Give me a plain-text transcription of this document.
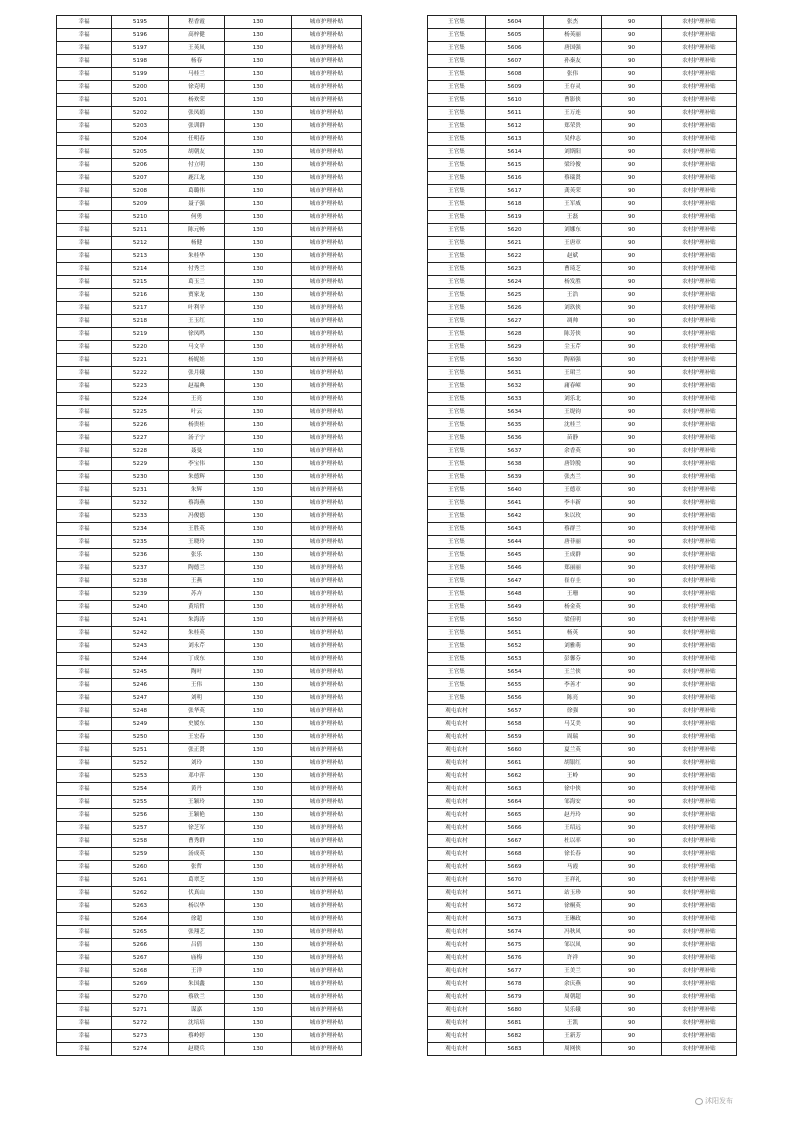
幸福	5195	程香霞	130	城市护理补贴
幸福	5196	高梓健	130	城市护理补贴
幸福	5197	王英凤	130	城市护理补贴
幸福	5198	杨春	130	城市护理补贴
幸福	5199	马桂兰	130	城市护理补贴
幸福	5200	徐克明	130	城市护理补贴
幸福	5201	杨欢荣	130	城市护理补贴
幸福	5202	张凤娟	130	城市护理补贴
幸福	5203	张训群	130	城市护理补贴
幸福	5204	任明春	130	城市护理补贴
幸福	5205	胡朝友	130	城市护理补贴
幸福	5206	付立明	130	城市护理补贴
幸福	5207	鹿江龙	130	城市护理补贴
幸福	5208	葛璐伟	130	城市护理补贴
幸福	5209	聂子强	130	城市护理补贴
幸福	5210	何勇	130	城市护理补贴
幸福	5211	陈元畅	130	城市护理补贴
幸福	5212	杨健	130	城市护理补贴
幸福	5213	朱桂华	130	城市护理补贴
幸福	5214	付秀兰	130	城市护理补贴
幸福	5215	葛玉兰	130	城市护理补贴
幸福	5216	贾家龙	130	城市护理补贴
幸福	5217	叶利平	130	城市护理补贴
幸福	5218	王玉红	130	城市护理补贴
幸福	5219	徐凤鸣	130	城市护理补贴
幸福	5220	马文平	130	城市护理补贴
幸福	5221	杨妮娃	130	城市护理补贴
幸福	5222	张月娥	130	城市护理补贴
幸福	5223	赵福典	130	城市护理补贴
幸福	5224	王亮	130	城市护理补贴
幸福	5225	叶云	130	城市护理补贴
幸福	5226	杨贵桂	130	城市护理补贴
幸福	5227	汤子宁	130	城市护理补贴
幸福	5228	聂曼	130	城市护理补贴
幸福	5229	李宝伟	130	城市护理补贴
幸福	5230	朱德辉	130	城市护理补贴
幸福	5231	朱辉	130	城市护理补贴
幸福	5232	蔡海燕	130	城市护理补贴
幸福	5233	冯俊德	130	城市护理补贴
幸福	5234	王胜英	130	城市护理补贴
幸福	5235	王晓玲	130	城市护理补贴
幸福	5236	张乐	130	城市护理补贴
幸福	5237	陶德兰	130	城市护理补贴
幸福	5238	王燕	130	城市护理补贴
幸福	5239	苏卉	130	城市护理补贴
幸福	5240	黄培哲	130	城市护理补贴
幸福	5241	朱海涛	130	城市护理补贴
幸福	5242	朱桂英	130	城市护理补贴
幸福	5243	刘永芹	130	城市护理补贴
幸福	5244	丁成东	130	城市护理补贴
幸福	5245	陶叶	130	城市护理补贴
幸福	5246	王伟	130	城市护理补贴
幸福	5247	刘明	130	城市护理补贴
幸福	5248	张华英	130	城市护理补贴
幸福	5249	史媛东	130	城市护理补贴
幸福	5250	王宏春	130	城市护理补贴
幸福	5251	张正贤	130	城市护理补贴
幸福	5252	刘玲	130	城市护理补贴
幸福	5253	邓中萍	130	城市护理补贴
幸福	5254	黄丹	130	城市护理补贴
幸福	5255	王颖玲	130	城市护理补贴
幸福	5256	王颖艳	130	城市护理补贴
幸福	5257	徐芝军	130	城市护理补贴
幸福	5258	曹秀群	130	城市护理补贴
幸福	5259	汤成英	130	城市护理补贴
幸福	5260	张哲	130	城市护理补贴
幸福	5261	葛翠芝	130	城市护理补贴
幸福	5262	伏真山	130	城市护理补贴
幸福	5263	杨以华	130	城市护理补贴
幸福	5264	徐超	130	城市护理补贴
幸福	5265	张翔艺	130	城市护理补贴
幸福	5266	吕倩	130	城市护理补贴
幸福	5267	庙梅	130	城市护理补贴
幸福	5268	王洋	130	城市护理补贴
幸福	5269	朱国鑫	130	城市护理补贴
幸福	5270	蔡欣兰	130	城市护理补贴
幸福	5271	谋嘉	130	城市护理补贴
幸福	5272	沈培培	130	城市护理补贴
幸福	5273	蔡岭婷	130	城市护理补贴
幸福	5274	赵晓兵	130	城市护理补贴
王官集	5604	张杰	90	农村护理补贴
王官集	5605	杨英丽	90	农村护理补贴
王官集	5606	唐国强	90	农村护理补贴
王官集	5607	孙秦友	90	农村护理补贴
王官集	5608	张伟	90	农村护理补贴
王官集	5609	王存灵	90	农村护理补贴
王官集	5610	曹影侠	90	农村护理补贴
王官集	5611	王万连	90	农村护理补贴
王官集	5612	郑荣贵	90	农村护理补贴
王官集	5613	吴仲志	90	农村护理补贴
王官集	5614	刘斯阳	90	农村护理补贴
王官集	5615	梁玲俊	90	农村护理补贴
王官集	5616	蔡瑞贤	90	农村护理补贴
王官集	5617	龚英荣	90	农村护理补贴
王官集	5618	王军威	90	农村护理补贴
王官集	5619	王磊	90	农村护理补贴
王官集	5620	刘娜东	90	农村护理补贴
王官集	5621	王唐章	90	农村护理补贴
王官集	5622	赵斌	90	农村护理补贴
王官集	5623	曹琦芝	90	农村护理补贴
王官集	5624	杨发胜	90	农村护理补贴
王官集	5625	王浩	90	农村护理补贴
王官集	5626	刘玖侠	90	农村护理补贴
王官集	5627	凋帅	90	农村护理补贴
王官集	5628	陈芳侠	90	农村护理补贴
王官集	5629	尘玉芹	90	农村护理补贴
王官集	5630	陶裕强	90	农村护理补贴
王官集	5631	王珺兰	90	农村护理补贴
王官集	5632	庸春嶂	90	农村护理补贴
王官集	5633	刘乐北	90	农村护理补贴
王官集	5634	王缇钧	90	农村护理补贴
王官集	5635	沈桂兰	90	农村护理补贴
王官集	5636	苗静	90	农村护理补贴
王官集	5637	余香英	90	农村护理补贴
王官集	5638	唐铃脱	90	农村护理补贴
王官集	5639	张杰兰	90	农村护理补贴
王官集	5640	王德章	90	农村护理补贴
王官集	5641	李丰新	90	农村护理补贴
王官集	5642	朱以玫	90	农村护理补贴
王官集	5643	蔡群兰	90	农村护理补贴
王官集	5644	唐菲丽	90	农村护理补贴
王官集	5645	王成群	90	农村护理补贴
王官集	5646	郑丽丽	90	农村护理补贴
王官集	5647	崔存圭	90	农村护理补贴
王官集	5648	王珊	90	农村护理补贴
王官集	5649	杨金英	90	农村护理补贴
王官集	5650	梁佳明	90	农村护理补贴
王官集	5651	杨英	90	农村护理补贴
王官集	5652	刘雅萌	90	农村护理补贴
王官集	5653	彭馨芬	90	农村护理补贴
王官集	5654	王兰侠	90	农村护理补贴
王官集	5655	李善才	90	农村护理补贴
王官集	5656	陈亮	90	农村护理补贴
观屯农村	5657	徐强	90	农村护理补贴
观屯农村	5658	马艾美	90	农村护理补贴
观屯农村	5659	周瑞	90	农村护理补贴
观屯农村	5660	夏兰英	90	农村护理补贴
观屯农村	5661	胡银红	90	农村护理补贴
观屯农村	5662	王岭	90	农村护理补贴
观屯农村	5663	徐中侠	90	农村护理补贴
观屯农村	5664	邹海安	90	农村护理补贴
观屯农村	5665	赵丹玲	90	农村护理补贴
观屯农村	5666	王绍远	90	农村护理补贴
观屯农村	5667	杜以率	90	农村护理补贴
观屯农村	5668	徐长春	90	农村护理补贴
观屯农村	5669	马霞	90	农村护理补贴
观屯农村	5670	王祥礼	90	农村护理补贴
观屯农村	5671	站玉珍	90	农村护理补贴
观屯农村	5672	徐桐英	90	农村护理补贴
观屯农村	5673	王琳政	90	农村护理补贴
观屯农村	5674	冯秋风	90	农村护理补贴
观屯农村	5675	邹以凤	90	农村护理补贴
观屯农村	5676	许祥	90	农村护理补贴
观屯农村	5677	王美兰	90	农村护理补贴
观屯农村	5678	余庆燕	90	农村护理补贴
观屯农村	5679	周朝超	90	农村护理补贴
观屯农村	5680	吴乐娥	90	农村护理补贴
观屯农村	5681	王凯	90	农村护理补贴
观屯农村	5682	王新芳	90	农村护理补贴
观屯农村	5683	周网侠	90	农村护理补贴
沭阳发布
